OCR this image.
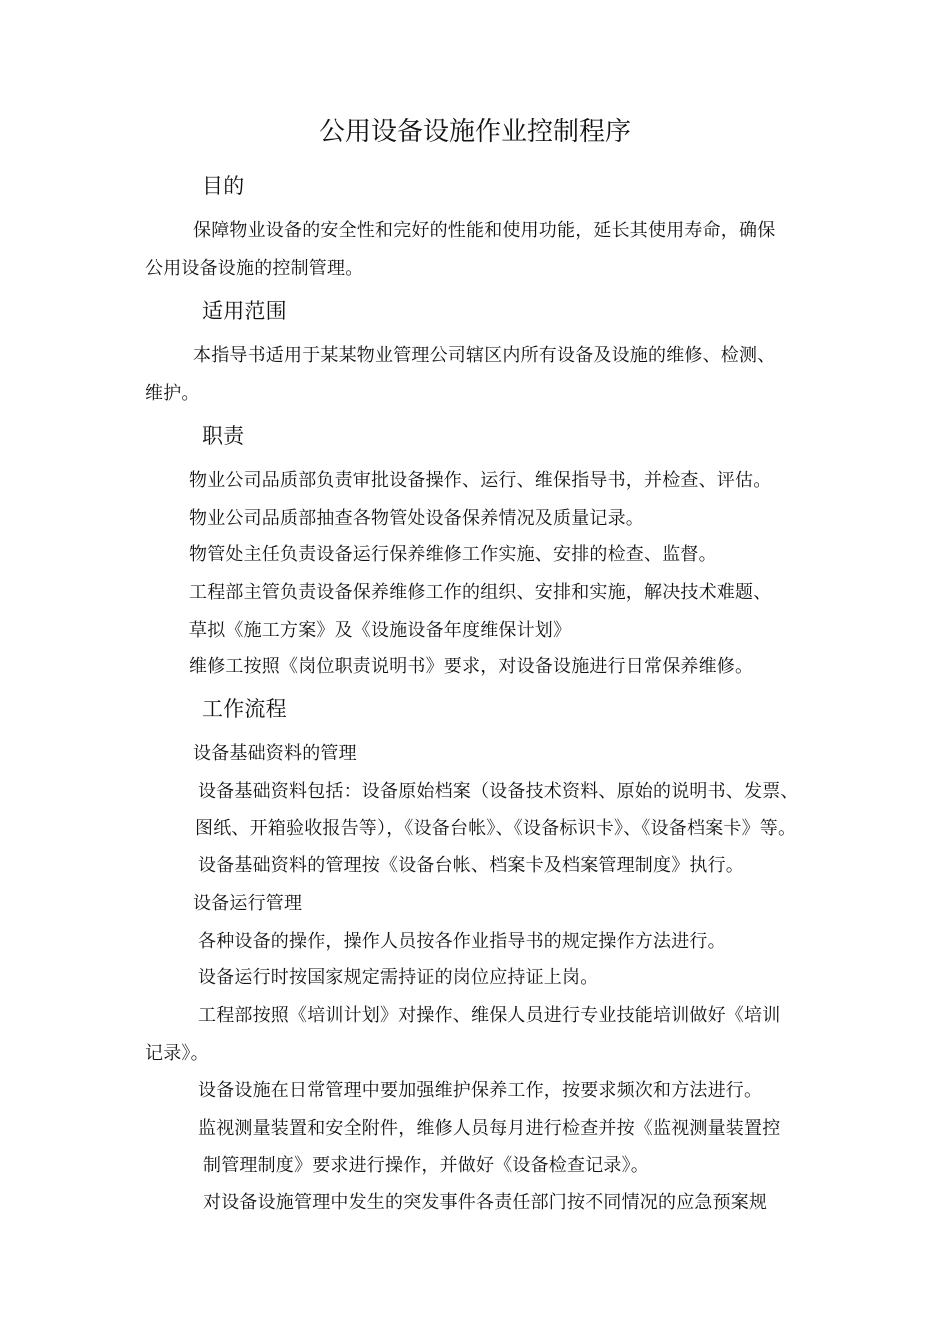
公用设备设施作业控制程序
目的
保障物业设备的安全性和完好的性能和使用功能，延长其使用寿命，确保
公用设备设施的控制管理。
适用范围
本指导书适用于某某物业管理公司辖区内所有设备及设施的维修、检测、
维护。
职责
物业公司品质部负责审批设备操作、运行、维保指导书，并检查、评估。
物业公司品质部抽查各物管处设备保养情况及质量记录。
物管处主任负责设备运行保养维修工作实施、安排的检查、监督。
工程部主管负责设备保养维修工作的组织、安排和实施，解决技术难题、
草拟《施工方案》及《设施设备年度维保计划》
维修工按照《岗位职责说明书》要求，对设备设施进行日常保养维修。
工作流程
设备基础资料的管理
设备基础资料包括：设备原始档案（设备技术资料、原始的说明书、发票、
图纸、开箱验收报告等），《设备台帐》、《设备标识卡》、《设备档案卡》等。
设备基础资料的管理按《设备台帐、档案卡及档案管理制度》执行。
设备运行管理
各种设备的操作，操作人员按各作业指导书的规定操作方法进行。
设备运行时按国家规定需持证的岗位应持证上岗。
工程部按照《培训计划》对操作、维保人员进行专业技能培训做好《培训
记录》。
设备设施在日常管理中要加强维护保养工作，按要求频次和方法进行。
监视测量装置和安全附件，维修人员每月进行检查并按《监视测量装置控
制管理制度》要求进行操作，并做好《设备检查记录》。
对设备设施管理中发生的突发事件各责任部门按不同情况的应急预案规
